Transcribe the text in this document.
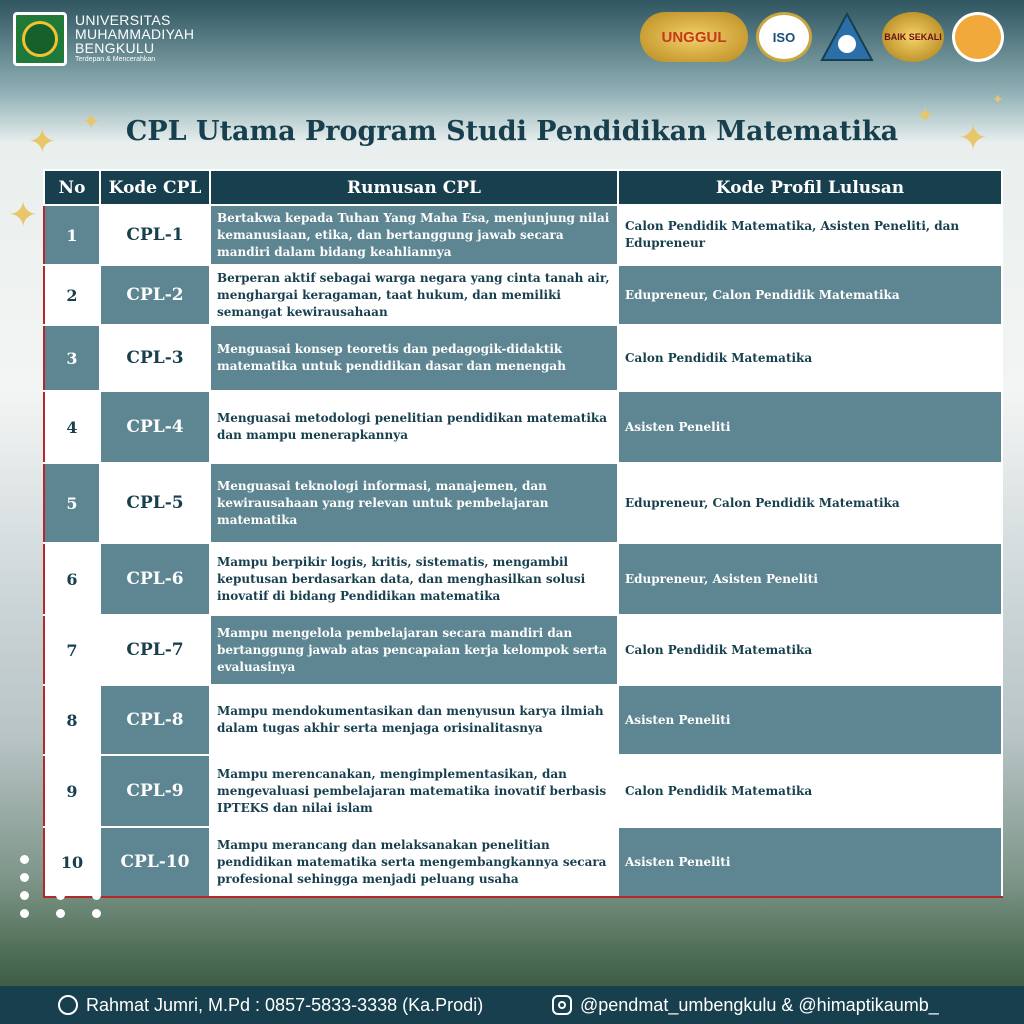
UNIVERSITAS
MUHAMMADIYAH
BENGKULU
Terdepan & Mencerahkan
UNGGUL	ISO	BAIK SEKALI
✦ ✦
✦
✦
✦
✦
CPL Utama Program Studi Pendidikan Matematika
No	Kode CPL	Rumusan CPL	Kode Profil Lulusan
1	CPL-1	Bertakwa kepada Tuhan Yang Maha Esa, menjunjung nilai kemanusiaan, etika, dan bertanggung jawab secara mandiri dalam bidang keahliannya	Calon Pendidik Matematika, Asisten Peneliti, dan Edupreneur
2	CPL-2	Berperan aktif sebagai warga negara yang cinta tanah air, menghargai keragaman, taat hukum, dan memiliki semangat kewirausahaan	Edupreneur, Calon Pendidik Matematika
3	CPL-3	Menguasai konsep teoretis dan pedagogik-didaktik matematika untuk pendidikan dasar dan menengah	Calon Pendidik Matematika
4	CPL-4	Menguasai metodologi penelitian pendidikan matematika dan mampu menerapkannya	Asisten Peneliti
5	CPL-5	Menguasai teknologi informasi, manajemen, dan kewirausahaan yang relevan untuk pembelajaran matematika	Edupreneur, Calon Pendidik Matematika
6	CPL-6	Mampu berpikir logis, kritis, sistematis, mengambil keputusan berdasarkan data, dan menghasilkan solusi inovatif di bidang Pendidikan matematika	Edupreneur, Asisten Peneliti
7	CPL-7	Mampu mengelola pembelajaran secara mandiri dan bertanggung jawab atas pencapaian kerja kelompok serta evaluasinya	Calon Pendidik Matematika
8	CPL-8	Mampu mendokumentasikan dan menyusun karya ilmiah dalam tugas akhir serta menjaga orisinalitasnya	Asisten Peneliti
9	CPL-9	Mampu merencanakan, mengimplementasikan, dan mengevaluasi pembelajaran matematika inovatif berbasis IPTEKS dan nilai islam	Calon Pendidik Matematika
10	CPL-10	Mampu merancang dan melaksanakan penelitian pendidikan matematika serta mengembangkannya secara profesional sehingga menjadi peluang usaha	Asisten Peneliti
Rahmat Jumri, M.Pd : 0857-5833-3338 (Ka.Prodi)	@pendmat_umbengkulu & @himaptikaumb_
